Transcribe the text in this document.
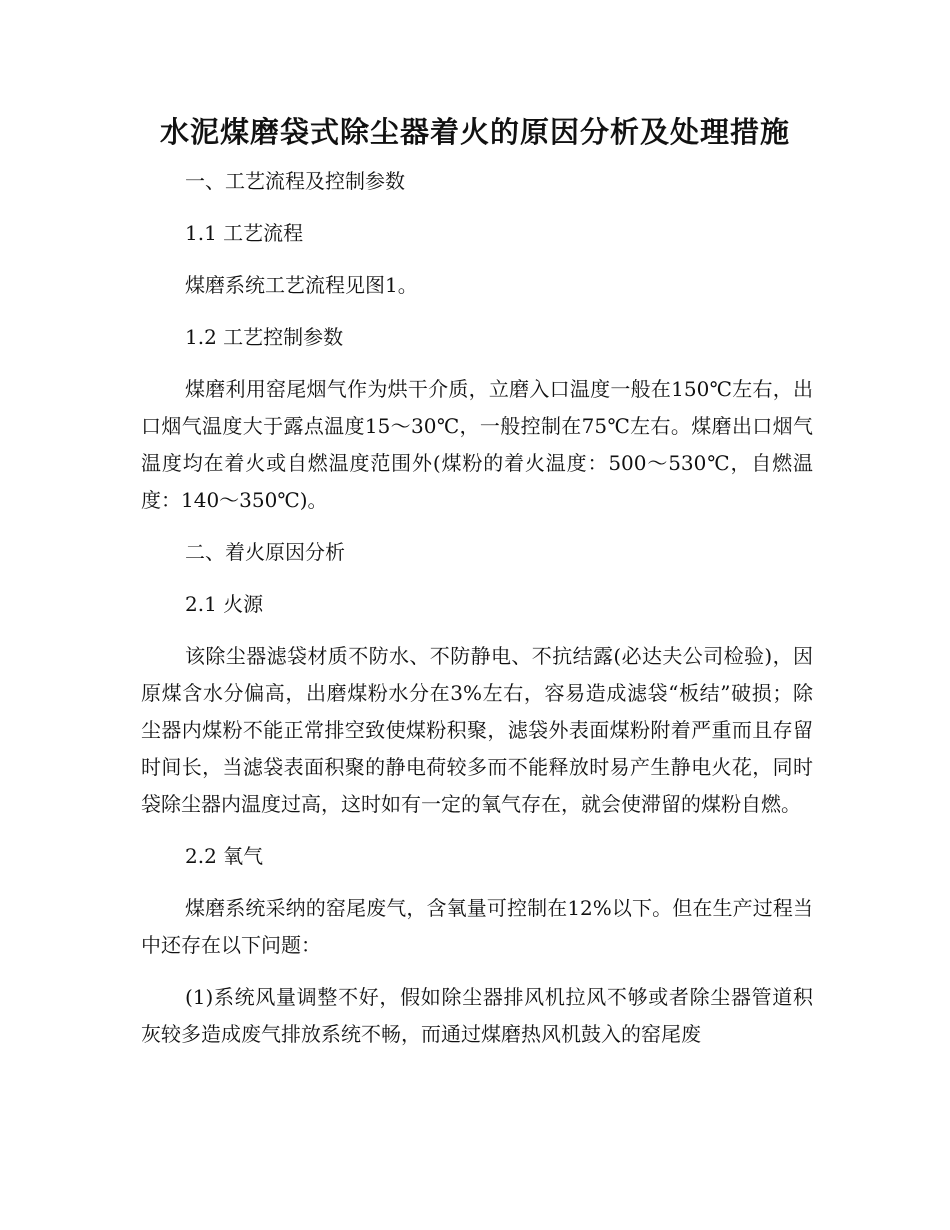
水泥煤磨袋式除尘器着火的原因分析及处理措施

一、工艺流程及控制参数

1.1 工艺流程

煤磨系统工艺流程见图1。

1.2 工艺控制参数

煤磨利用窑尾烟气作为烘干介质，立磨入口温度一般在150℃左右，出口烟气温度大于露点温度15～30℃，一般控制在75℃左右。煤磨出口烟气温度均在着火或自燃温度范围外(煤粉的着火温度：500～530℃，自燃温度：140～350℃)。

二、着火原因分析

2.1 火源

该除尘器滤袋材质不防水、不防静电、不抗结露(必达夫公司检验)，因原煤含水分偏高，出磨煤粉水分在3%左右，容易造成滤袋“板结”破损；除尘器内煤粉不能正常排空致使煤粉积聚，滤袋外表面煤粉附着严重而且存留时间长，当滤袋表面积聚的静电荷较多而不能释放时易产生静电火花，同时袋除尘器内温度过高，这时如有一定的氧气存在，就会使滞留的煤粉自燃。

2.2 氧气

煤磨系统采纳的窑尾废气，含氧量可控制在12%以下。但在生产过程当中还存在以下问题：

(1)系统风量调整不好，假如除尘器排风机拉风不够或者除尘器管道积灰较多造成废气排放系统不畅，而通过煤磨热风机鼓入的窑尾废
